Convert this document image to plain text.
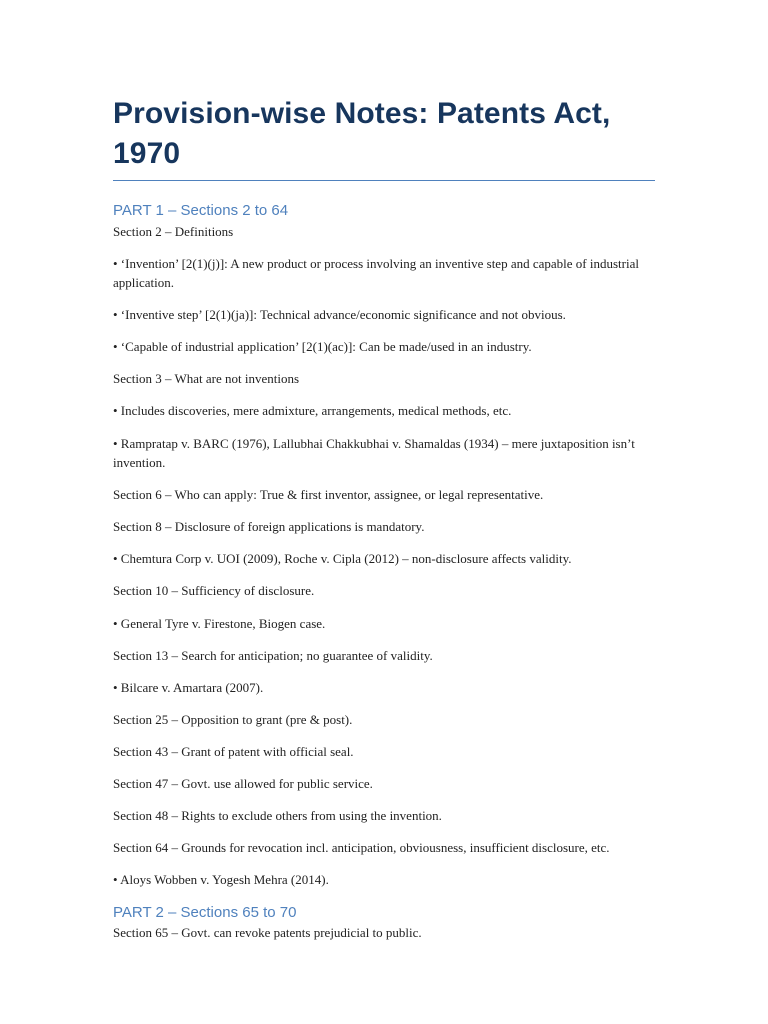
Provision-wise Notes: Patents Act, 1970
PART 1 – Sections 2 to 64

Section 2 – Definitions

• ‘Invention’ [2(1)(j)]: A new product or process involving an inventive step and capable of industrial application.

• ‘Inventive step’ [2(1)(ja)]: Technical advance/economic significance and not obvious.

• ‘Capable of industrial application’ [2(1)(ac)]: Can be made/used in an industry.

Section 3 – What are not inventions

• Includes discoveries, mere admixture, arrangements, medical methods, etc.

• Rampratap v. BARC (1976), Lallubhai Chakkubhai v. Shamaldas (1934) – mere juxtaposition isn’t invention.

Section 6 – Who can apply: True & first inventor, assignee, or legal representative.

Section 8 – Disclosure of foreign applications is mandatory.

• Chemtura Corp v. UOI (2009), Roche v. Cipla (2012) – non-disclosure affects validity.

Section 10 – Sufficiency of disclosure.

• General Tyre v. Firestone, Biogen case.

Section 13 – Search for anticipation; no guarantee of validity.

• Bilcare v. Amartara (2007).

Section 25 – Opposition to grant (pre & post).

Section 43 – Grant of patent with official seal.

Section 47 – Govt. use allowed for public service.

Section 48 – Rights to exclude others from using the invention.

Section 64 – Grounds for revocation incl. anticipation, obviousness, insufficient disclosure, etc.

• Aloys Wobben v. Yogesh Mehra (2014).

PART 2 – Sections 65 to 70

Section 65 – Govt. can revoke patents prejudicial to public.
